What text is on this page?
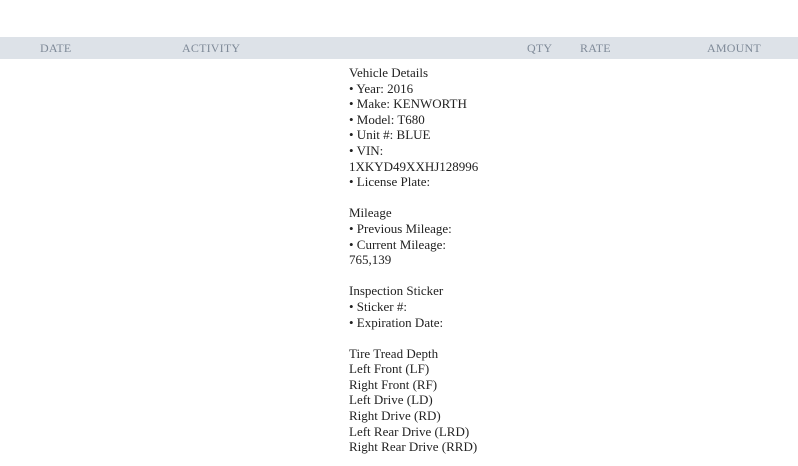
DATE	ACTIVITY	QTY RATE	AMOUNT
Vehicle Details
• Year: 2016
• Make: KENWORTH
• Model: T680
• Unit #: BLUE
• VIN:
1XKYD49XXHJ128996
• License Plate:
Mileage
• Previous Mileage:
• Current Mileage:
765,139
Inspection Sticker
• Sticker #:
• Expiration Date:
Tire Tread Depth
Left Front (LF)
Right Front (RF)
Left Drive (LD)
Right Drive (RD)
Left Rear Drive (LRD)
Right Rear Drive (RRD)
